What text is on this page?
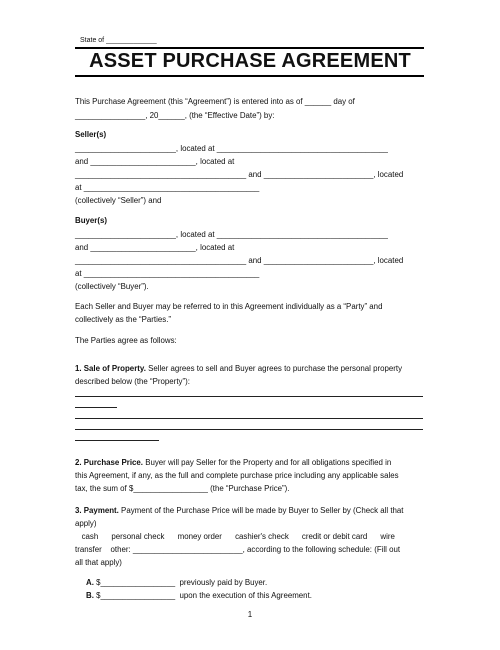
State of _____________
ASSET PURCHASE AGREEMENT
This Purchase Agreement (this “Agreement”) is entered into as of ______ day of
________________, 20______, (the “Effective Date”) by:
Seller(s)
_______________________, located at _______________________________________
and ________________________, located at
_______________________________________ and _________________________, located
at ________________________________________
(collectively “Seller”) and
Buyer(s)
_______________________, located at _______________________________________
and ________________________, located at
_______________________________________ and _________________________, located
at ________________________________________
(collectively “Buyer”).
Each Seller and Buyer may be referred to in this Agreement individually as a “Party” and
collectively as the “Parties.”
The Parties agree as follows:
1. Sale of Property. Seller agrees to sell and Buyer agrees to purchase the personal property
described below (the “Property”):
2. Purchase Price. Buyer will pay Seller for the Property and for all obligations specified in
this Agreement, if any, as the full and complete purchase price including any applicable sales
tax, the sum of $_________________ (the “Purchase Price”).
3. Payment. Payment of the Purchase Price will be made by Buyer to Seller by (Check all that
apply)
cash      personal check      money order      cashier's check      credit or debit card      wire
transfer    other: _________________________, according to the following schedule: (Fill out
all that apply)
A. $_________________  previously paid by Buyer.
B. $_________________  upon the execution of this Agreement.
1
